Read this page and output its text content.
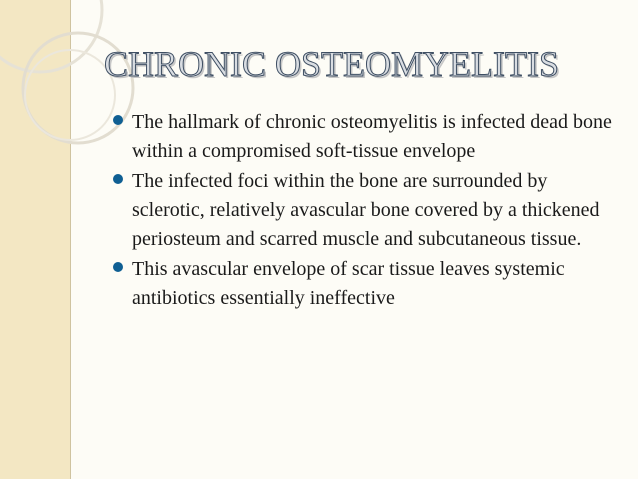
CHRONIC OSTEOMYELITIS
The hallmark of chronic osteomyelitis is infected dead bone within a compromised soft-tissue envelope
The infected foci within the bone are surrounded by sclerotic, relatively avascular bone covered by a thickened periosteum and scarred muscle and subcutaneous tissue.
This avascular envelope of scar tissue leaves systemic antibiotics essentially ineffective
